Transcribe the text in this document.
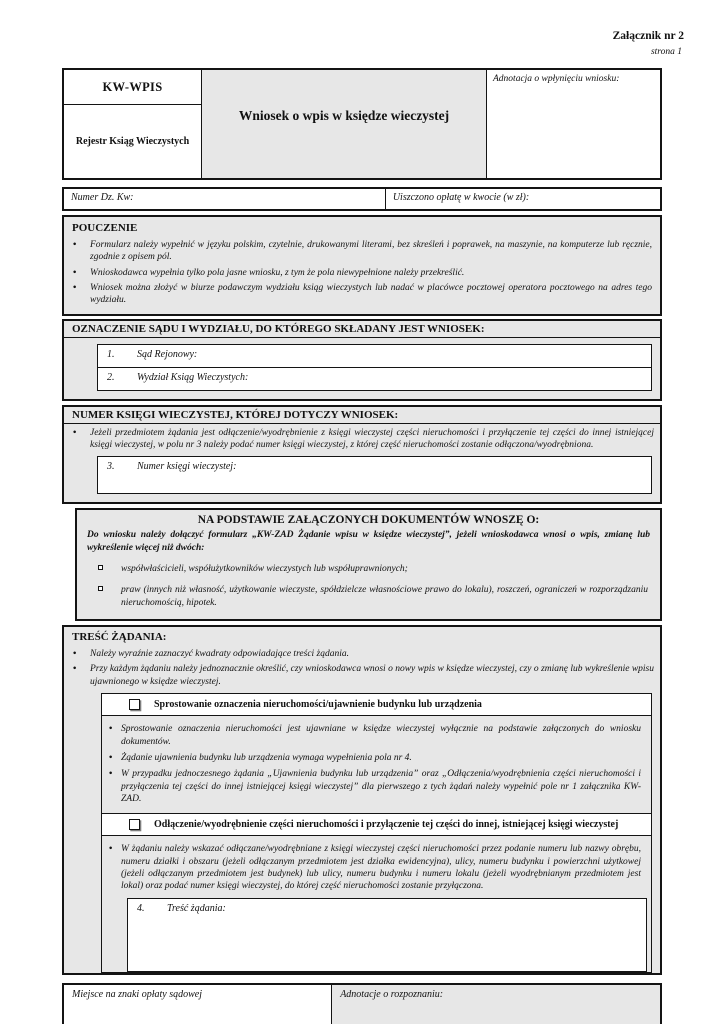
Załącznik nr 2
strona 1
KW-WPIS
Rejestr Ksiąg Wieczystych
Wniosek o wpis w księdze wieczystej
Adnotacja o wpłynięciu wniosku:
Numer Dz. Kw:	Uiszczono opłatę w kwocie (w zł):
POUCZENIE
• Formularz należy wypełnić w języku polskim, czytelnie, drukowanymi literami, bez skreśleń i poprawek, na maszynie, na komputerze lub ręcznie, zgodnie z opisem pól.
• Wnioskodawca wypełnia tylko pola jasne wniosku, z tym że pola niewypełnione należy przekreślić.
• Wniosek można złożyć w biurze podawczym wydziału ksiąg wieczystych lub nadać w placówce pocztowej operatora pocztowego na adres tego wydziału.
OZNACZENIE SĄDU I WYDZIAŁU, DO KTÓREGO SKŁADANY JEST WNIOSEK:
1.	Sąd Rejonowy:
2.	Wydział Ksiąg Wieczystych:
NUMER KSIĘGI WIECZYSTEJ, KTÓREJ DOTYCZY WNIOSEK:
• Jeżeli przedmiotem żądania jest odłączenie/wyodrębnienie z księgi wieczystej części nieruchomości i przyłączenie tej części do innej istniejącej księgi wieczystej, w polu nr 3 należy podać numer księgi wieczystej, z której część nieruchomości zostanie odłączona/wyodrębniona.
3.	Numer księgi wieczystej:
NA PODSTAWIE ZAŁĄCZONYCH DOKUMENTÓW WNOSZĘ O:
Do wniosku należy dołączyć formularz „KW-ZAD Żądanie wpisu w księdze wieczystej”, jeżeli wnioskodawca wnosi o wpis, zmianę lub wykreślenie więcej niż dwóch:
współwłaścicieli, współużytkowników wieczystych lub współuprawnionych;
praw (innych niż własność, użytkowanie wieczyste, spółdzielcze własnościowe prawo do lokalu), roszczeń, ograniczeń w rozporządzaniu nieruchomością, hipotek.
TREŚĆ ŻĄDANIA:
• Należy wyraźnie zaznaczyć kwadraty odpowiadające treści żądania.
• Przy każdym żądaniu należy jednoznacznie określić, czy wnioskodawca wnosi o nowy wpis w księdze wieczystej, czy o zmianę lub wykreślenie wpisu ujawnionego w księdze wieczystej.
Sprostowanie oznaczenia nieruchomości/ujawnienie budynku lub urządzenia
• Sprostowanie oznaczenia nieruchomości jest ujawniane w księdze wieczystej wyłącznie na podstawie załączonych do wniosku dokumentów.
• Żądanie ujawnienia budynku lub urządzenia wymaga wypełnienia pola nr 4.
• W przypadku jednoczesnego żądania „Ujawnienia budynku lub urządzenia” oraz „Odłączenia/wyodrębnienia części nieruchomości i przyłączenia tej części do innej istniejącej księgi wieczystej” dla pierwszego z tych żądań należy wypełnić pole nr 1 załącznika KW-ZAD.
Odłączenie/wyodrębnienie części nieruchomości i przyłączenie tej części do innej, istniejącej księgi wieczystej
• W żądaniu należy wskazać odłączane/wyodrębniane z księgi wieczystej części nieruchomości przez podanie numeru lub nazwy obrębu, numeru działki i obszaru (jeżeli odłączanym przedmiotem jest działka ewidencyjna), ulicy, numeru budynku i powierzchni użytkowej (jeżeli odłączanym przedmiotem jest budynek) lub ulicy, numeru budynku i numeru lokalu (jeżeli wyodrębnianym przedmiotem jest lokal) oraz podać numer księgi wieczystej, do której część nieruchomości zostanie przyłączona.
4.	Treść żądania:
Miejsce na znaki opłaty sądowej	Adnotacje o rozpoznaniu:
